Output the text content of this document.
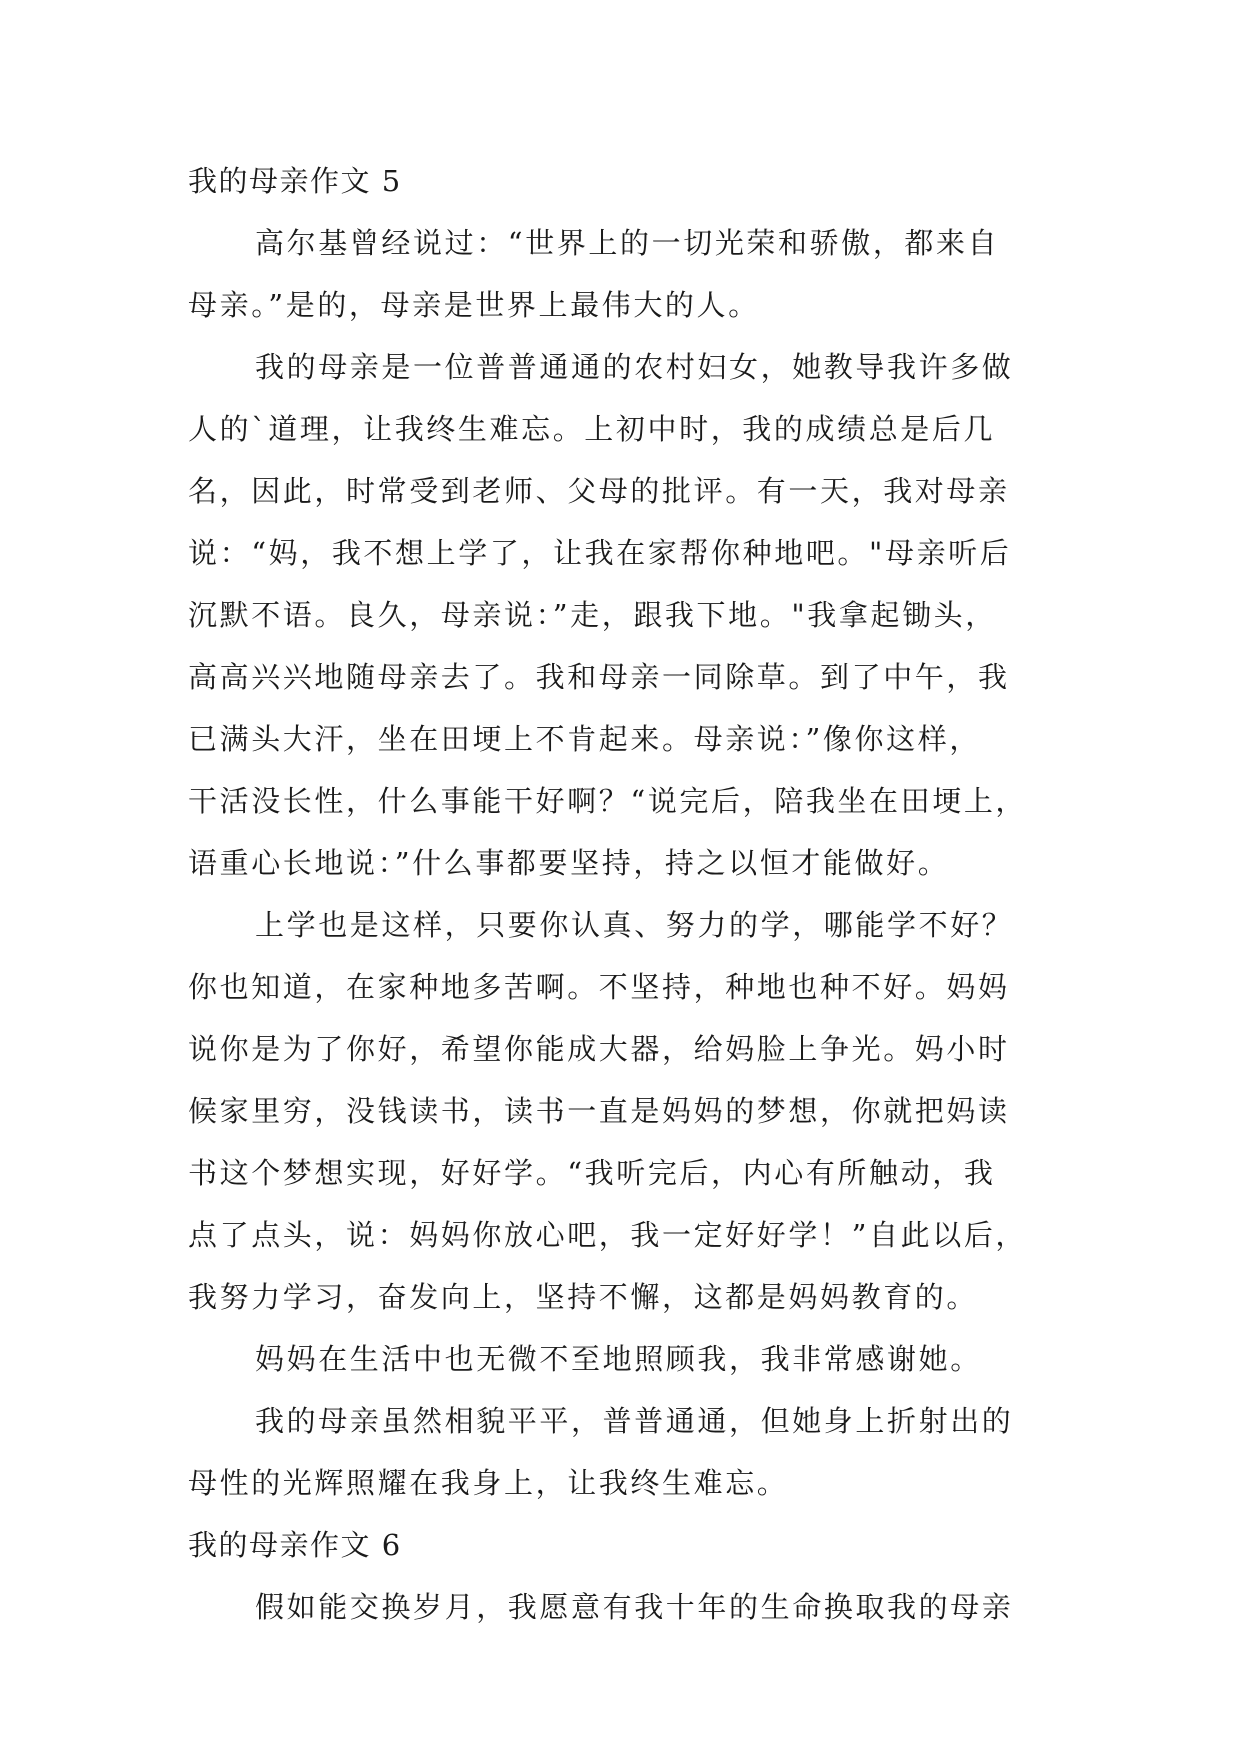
我的母亲作文 5
高尔基曾经说过：“世界上的一切光荣和骄傲，都来自
母亲。”是的，母亲是世界上最伟大的人。
我的母亲是一位普普通通的农村妇女，她教导我许多做
人的`道理，让我终生难忘。上初中时，我的成绩总是后几
名，因此，时常受到老师、父母的批评。有一天，我对母亲
说：“妈，我不想上学了，让我在家帮你种地吧。"母亲听后
沉默不语。良久，母亲说：”走，跟我下地。"我拿起锄头，
高高兴兴地随母亲去了。我和母亲一同除草。到了中午，我
已满头大汗，坐在田埂上不肯起来。母亲说：”像你这样，
干活没长性，什么事能干好啊？“说完后，陪我坐在田埂上，
语重心长地说：”什么事都要坚持，持之以恒才能做好。
上学也是这样，只要你认真、努力的学，哪能学不好？
你也知道，在家种地多苦啊。不坚持，种地也种不好。妈妈
说你是为了你好，希望你能成大器，给妈脸上争光。妈小时
候家里穷，没钱读书，读书一直是妈妈的梦想，你就把妈读
书这个梦想实现，好好学。“我听完后，内心有所触动，我
点了点头，说：妈妈你放心吧，我一定好好学！”自此以后，
我努力学习，奋发向上，坚持不懈，这都是妈妈教育的。
妈妈在生活中也无微不至地照顾我，我非常感谢她。
我的母亲虽然相貌平平，普普通通，但她身上折射出的
母性的光辉照耀在我身上，让我终生难忘。
我的母亲作文 6
假如能交换岁月，我愿意有我十年的生命换取我的母亲
